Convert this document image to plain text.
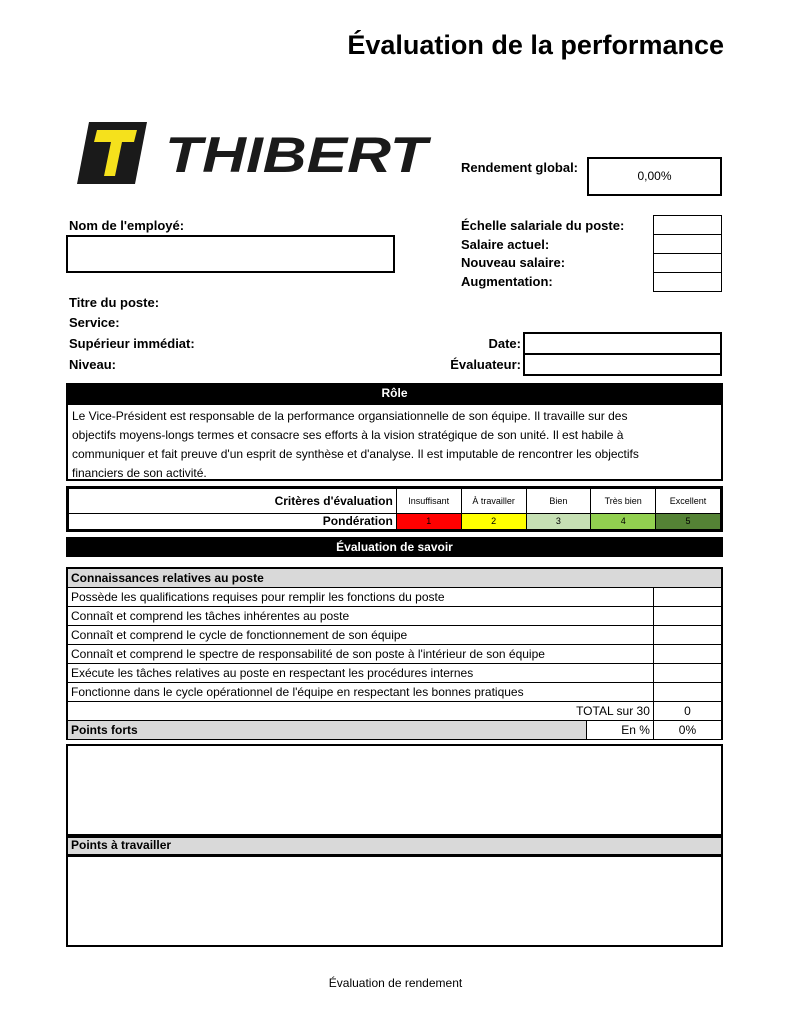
Évaluation de la performance
THIBERT Rendement global:
0,00%
Nom de l'employé:	Échelle salariale du poste:
Salaire actuel:
Nouveau salaire:
Augmentation:
Titre du poste:
Service:
Supérieur immédiat:
Niveau:
Date:
Évaluateur:
Rôle
Le Vice-Président est responsable de la performance organsiationnelle de son équipe. Il travaille sur des
objectifs moyens-longs termes et consacre ses efforts à la vision stratégique de son unité. Il est habile à
communiquer et fait preuve d'un esprit de synthèse et d'analyse. Il est imputable de rencontrer les objectifs
financiers de son activité.
Critères d'évaluation	Insuffisant	À travailler	Bien	Très bien	Excellent
Pondération	1	2	3	4	5
Évaluation de savoir
Connaissances relatives au poste		
Possède les qualifications requises pour remplir les fonctions du poste		
Connaît et comprend les tâches inhérentes au poste		
Connaît et comprend le cycle de fonctionnement de son équipe		
Connaît et comprend le spectre de responsabilité de son poste à l'intérieur de son équipe		
Exécute les tâches relatives au poste en respectant les procédures internes		
Fonctionne dans le cycle opérationnel de l'équipe en respectant les bonnes pratiques		
TOTAL sur 30		0
Points forts	En %	0%
Points à travailler
Évaluation de rendement
